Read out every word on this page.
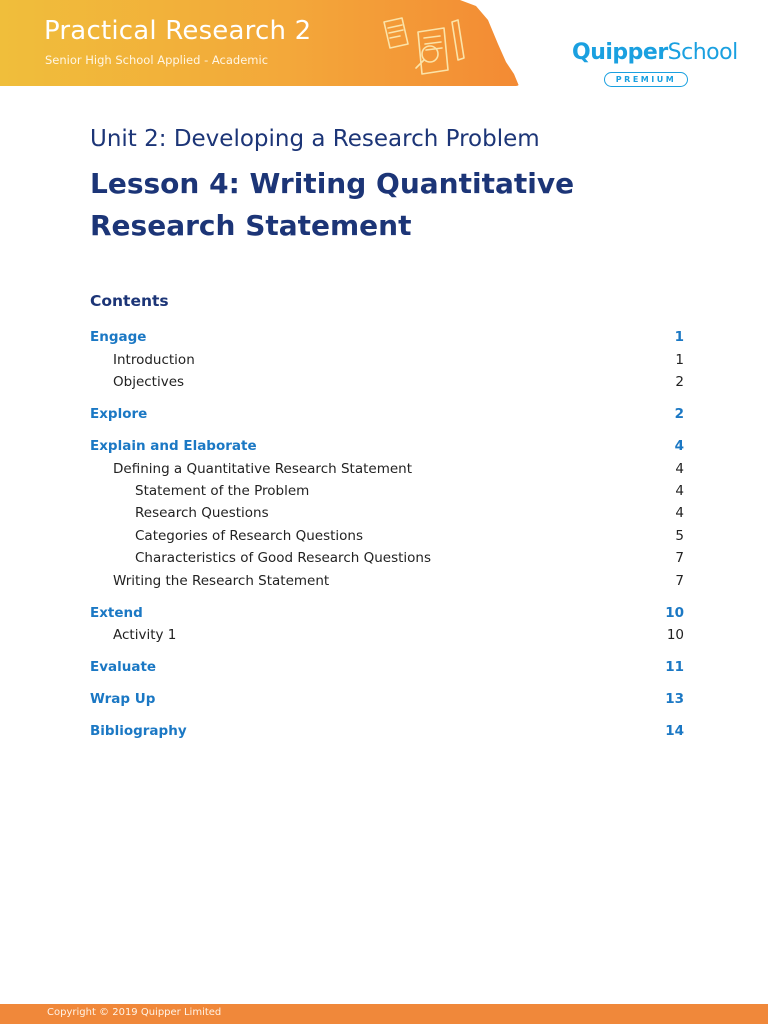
Practical Research 2
Senior High School Applied - Academic	QuipperSchool
PREMIUM
Unit 2: Developing a Research Problem
Lesson 4: Writing Quantitative Research Statement
Contents
Engage	1
Introduction	1
Objectives	2
Explore	2
Explain and Elaborate	4
Defining a Quantitative Research Statement	4
Statement of the Problem	4
Research Questions	4
Categories of Research Questions	5
Characteristics of Good Research Questions	7
Writing the Research Statement	7
Extend	10
Activity 1	10
Evaluate	11
Wrap Up	13
Bibliography	14
Copyright © 2019 Quipper Limited
